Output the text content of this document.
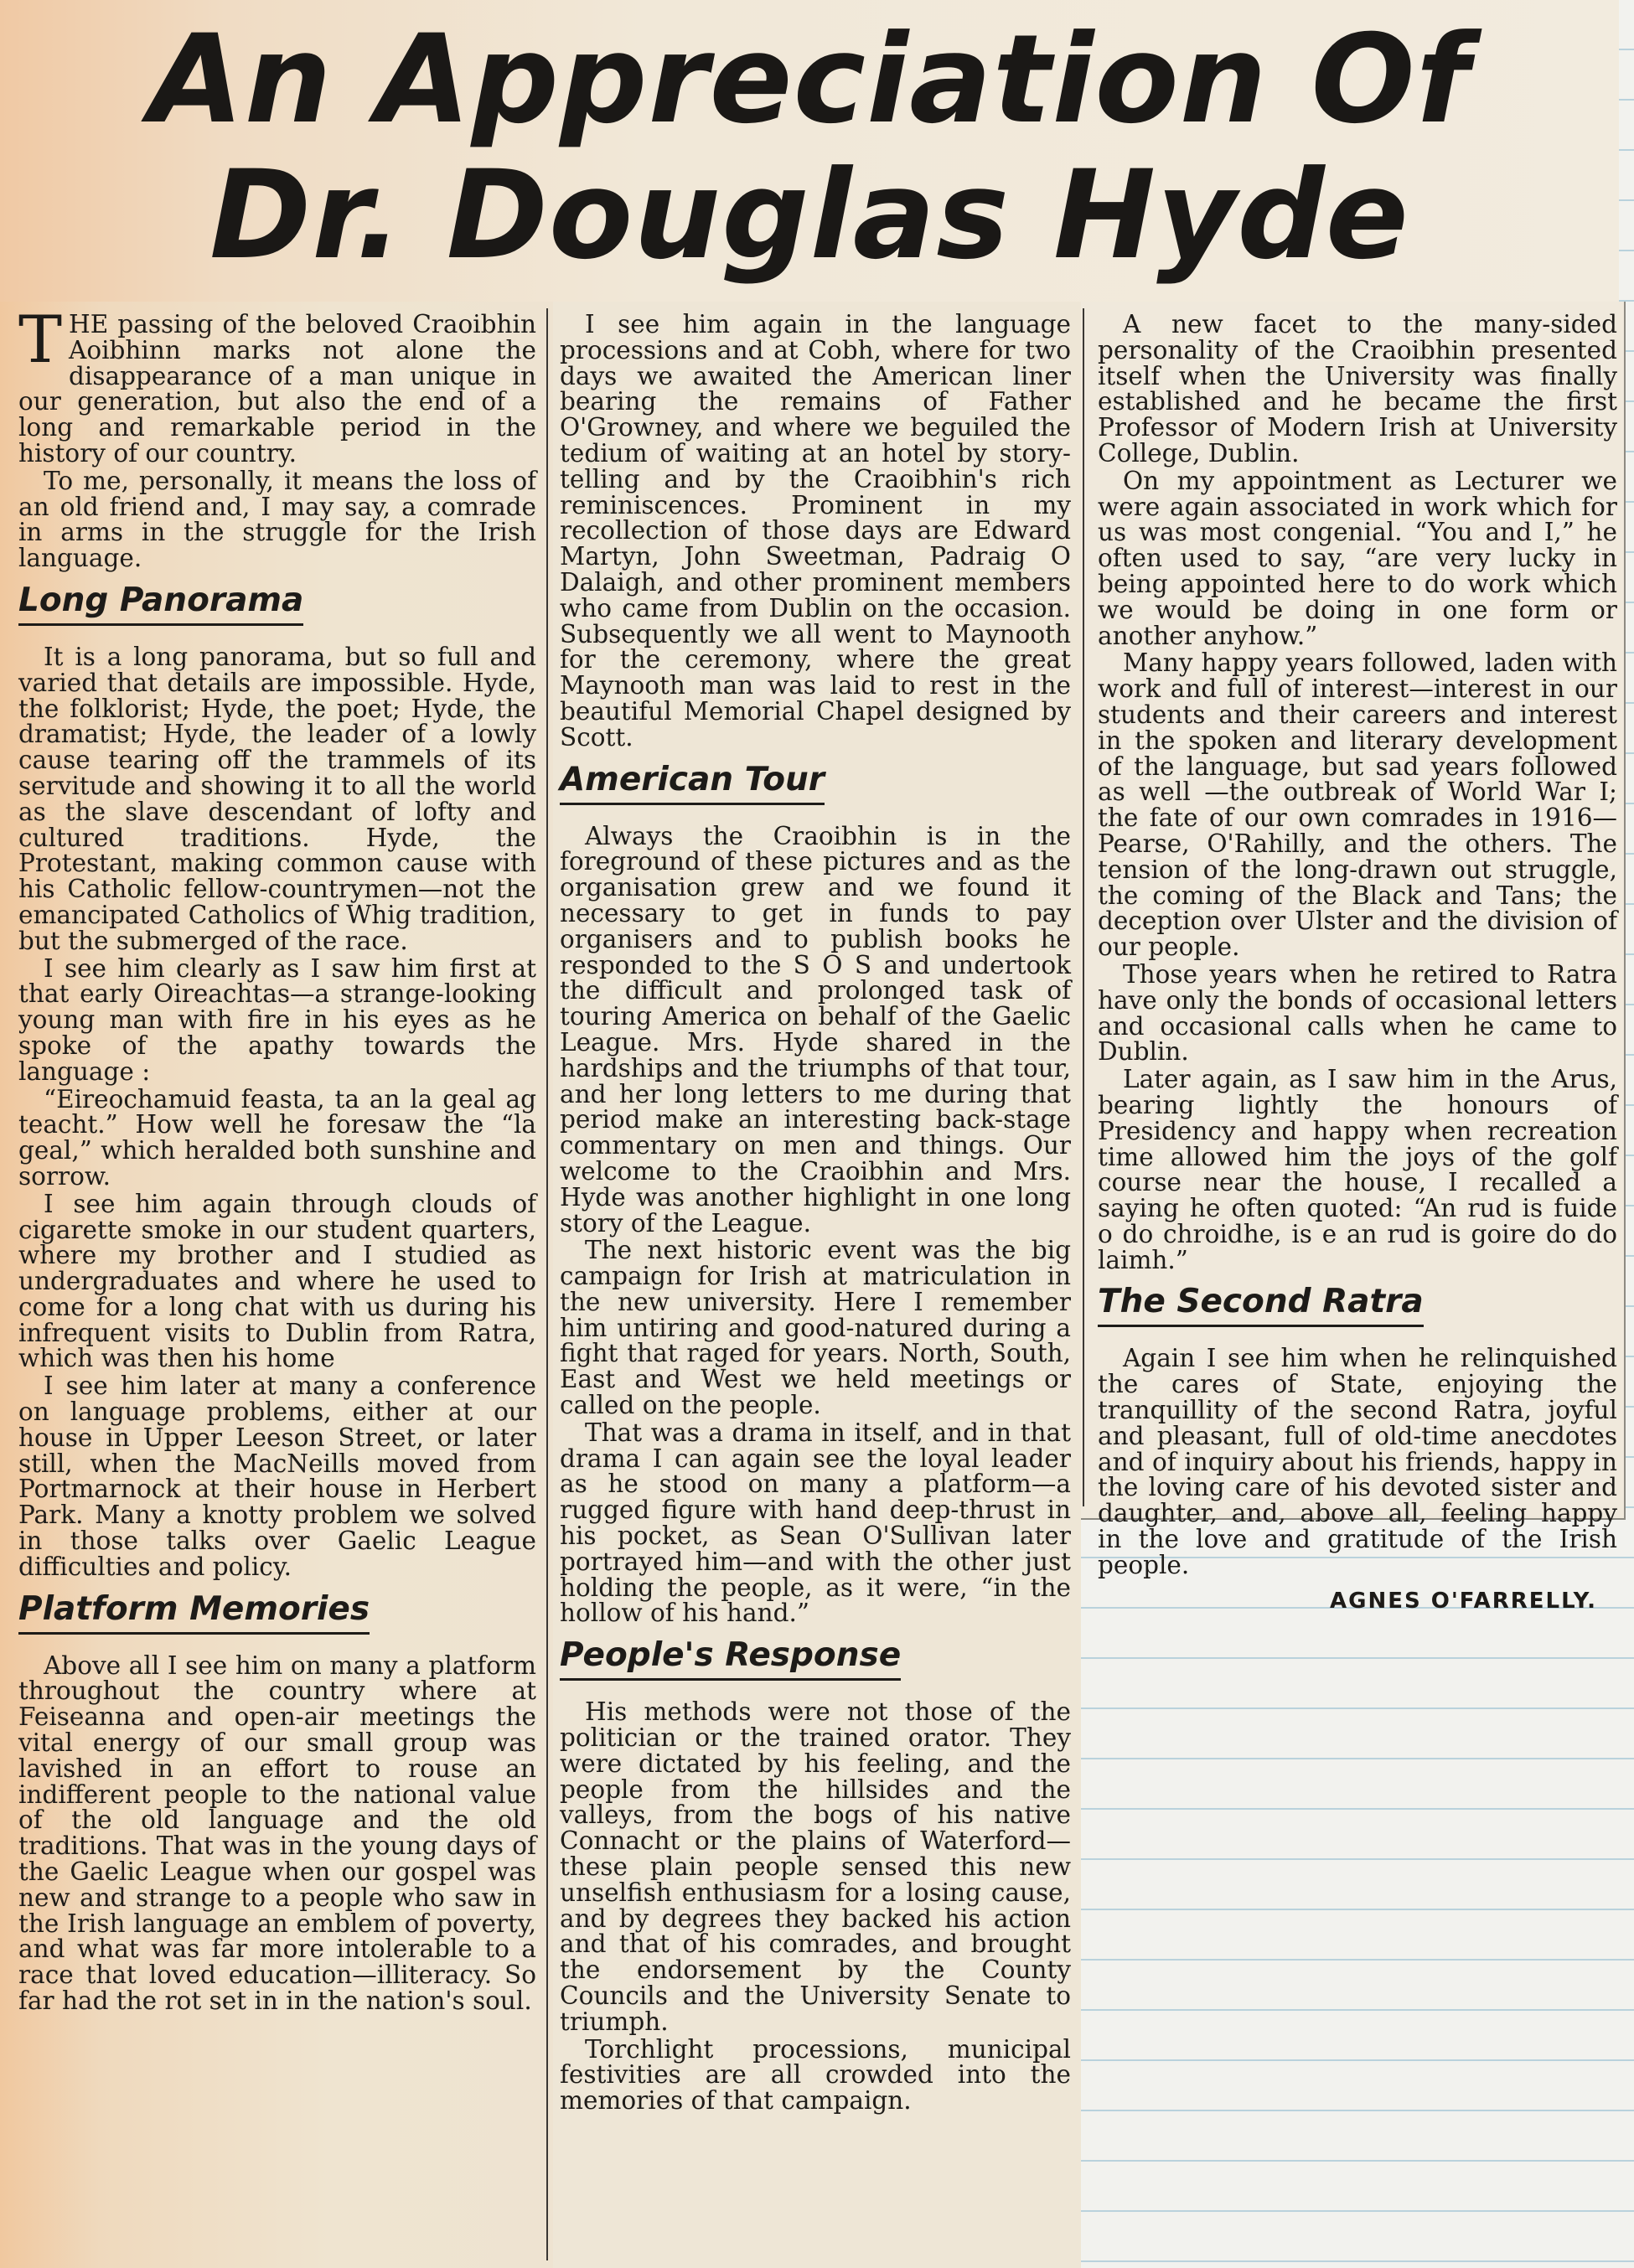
An Appreciation Of
Dr. Douglas Hyde

THE passing of the beloved Craoibhin Aoibhinn marks not alone the disappearance of a man unique in our generation, but also the end of a long and remarkable period in the history of our country.

To me, personally, it means the loss of an old friend and, I may say, a comrade in arms in the struggle for the Irish language.

Long Panorama

It is a long panorama, but so full and varied that details are impossible. Hyde, the folklorist; Hyde, the poet; Hyde, the dramatist; Hyde, the leader of a lowly cause tearing off the trammels of its servitude and showing it to all the world as the slave descendant of lofty and cultured traditions. Hyde, the Protestant, making common cause with his Catholic fellow-countrymen—not the emancipated Catholics of Whig tradition, but the submerged of the race.

I see him clearly as I saw him first at that early Oireachtas—a strange-looking young man with fire in his eyes as he spoke of the apathy towards the language :

“Eireochamuid feasta, ta an la geal ag teacht.” How well he foresaw the “la geal,” which heralded both sunshine and sorrow.

I see him again through clouds of cigarette smoke in our student quarters, where my brother and I studied as undergraduates and where he used to come for a long chat with us during his infrequent visits to Dublin from Ratra, which was then his home

I see him later at many a conference on language problems, either at our house in Upper Leeson Street, or later still, when the MacNeills moved from Portmarnock at their house in Herbert Park. Many a knotty problem we solved in those talks over Gaelic League difficulties and policy.

Platform Memories

Above all I see him on many a platform throughout the country where at Feiseanna and open-air meetings the vital energy of our small group was lavished in an effort to rouse an indifferent people to the national value of the old language and the old traditions. That was in the young days of the Gaelic League when our gospel was new and strange to a people who saw in the Irish language an emblem of poverty, and what was far more intolerable to a race that loved education—illiteracy. So far had the rot set in in the nation's soul.

I see him again in the language processions and at Cobh, where for two days we awaited the American liner bearing the remains of Father O'Growney, and where we beguiled the tedium of waiting at an hotel by story-telling and by the Craoibhin's rich reminiscences. Prominent in my recollection of those days are Edward Martyn, John Sweetman, Padraig O Dalaigh, and other prominent members who came from Dublin on the occasion. Subsequently we all went to Maynooth for the ceremony, where the great Maynooth man was laid to rest in the beautiful Memorial Chapel designed by Scott.

American Tour

Always the Craoibhin is in the foreground of these pictures and as the organisation grew and we found it necessary to get in funds to pay organisers and to publish books he responded to the S O S and undertook the difficult and prolonged task of touring America on behalf of the Gaelic League. Mrs. Hyde shared in the hardships and the triumphs of that tour, and her long letters to me during that period make an interesting back-stage commentary on men and things. Our welcome to the Craoibhin and Mrs. Hyde was another highlight in one long story of the League.

The next historic event was the big campaign for Irish at matriculation in the new university. Here I remember him untiring and good-natured during a fight that raged for years. North, South, East and West we held meetings or called on the people.

That was a drama in itself, and in that drama I can again see the loyal leader as he stood on many a platform—a rugged figure with hand deep-thrust in his pocket, as Sean O'Sullivan later portrayed him—and with the other just holding the people, as it were, “in the hollow of his hand.”

People's Response

His methods were not those of the politician or the trained orator. They were dictated by his feeling, and the people from the hillsides and the valleys, from the bogs of his native Connacht or the plains of Waterford—these plain people sensed this new unselfish enthusiasm for a losing cause, and by degrees they backed his action and that of his comrades, and brought the endorsement by the County Councils and the University Senate to triumph.

Torchlight processions, municipal festivities are all crowded into the memories of that campaign.

A new facet to the many-sided personality of the Craoibhin presented itself when the University was finally established and he became the first Professor of Modern Irish at University College, Dublin.

On my appointment as Lecturer we were again associated in work which for us was most congenial. “You and I,” he often used to say, “are very lucky in being appointed here to do work which we would be doing in one form or another anyhow.”

Many happy years followed, laden with work and full of interest—interest in our students and their careers and interest in the spoken and literary development of the language, but sad years followed as well —the outbreak of World War I; the fate of our own comrades in 1916—Pearse, O'Rahilly, and the others. The tension of the long-drawn out struggle, the coming of the Black and Tans; the deception over Ulster and the division of our people.

Those years when he retired to Ratra have only the bonds of occasional letters and occasional calls when he came to Dublin.

Later again, as I saw him in the Arus, bearing lightly the honours of Presidency and happy when recreation time allowed him the joys of the golf course near the house, I recalled a saying he often quoted: “An rud is fuide o do chroidhe, is e an rud is goire do do laimh.”

The Second Ratra

Again I see him when he relinquished the cares of State, enjoying the tranquillity of the second Ratra, joyful and pleasant, full of old-time anecdotes and of inquiry about his friends, happy in the loving care of his devoted sister and daughter, and, above all, feeling happy in the love and gratitude of the Irish people.

AGNES O'FARRELLY.
